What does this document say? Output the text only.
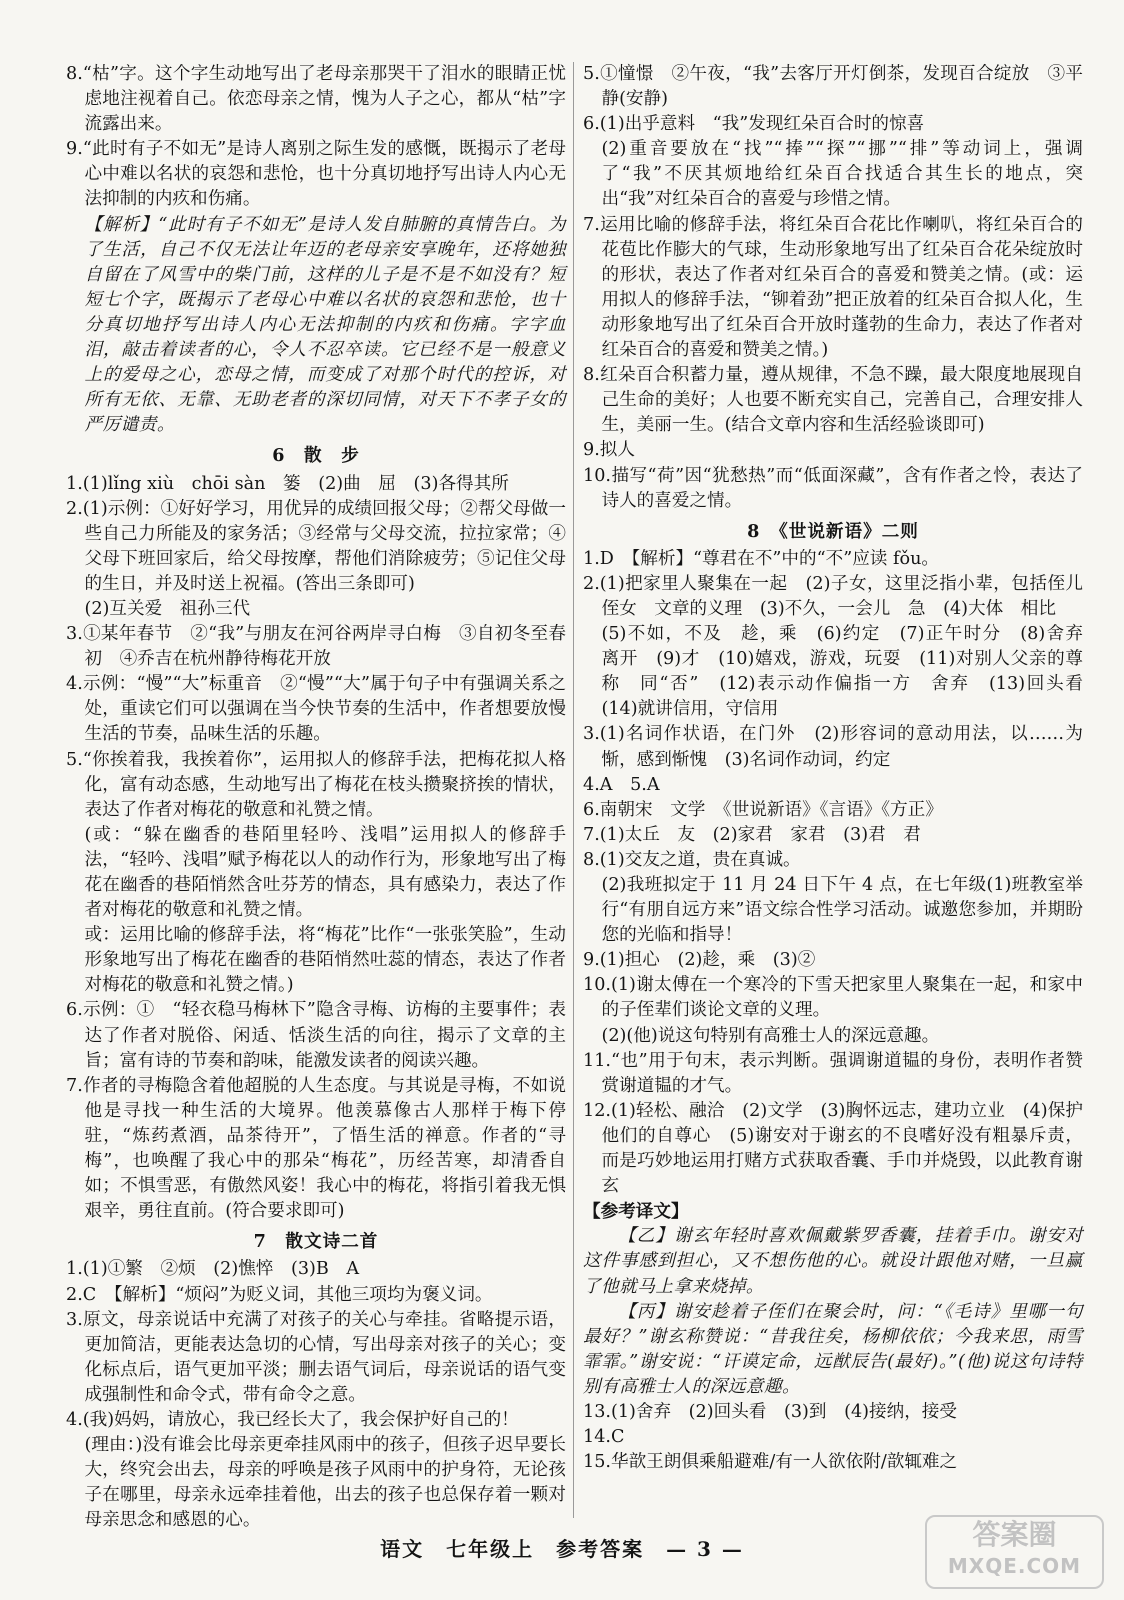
8.“枯”字。这个字生动地写出了老母亲那哭干了泪水的眼睛正忧虑地注视着自己。依恋母亲之情，愧为人子之心，都从“枯”字流露出来。

9.“此时有子不如无”是诗人离别之际生发的感慨，既揭示了老母心中难以名状的哀怨和悲怆，也十分真切地抒写出诗人内心无法抑制的内疚和伤痛。

【解析】“此时有子不如无”是诗人发自肺腑的真情告白。为了生活，自己不仅无法让年迈的老母亲安享晚年，还将她独自留在了风雪中的柴门前，这样的儿子是不是不如没有？短短七个字，既揭示了老母心中难以名状的哀怨和悲怆，也十分真切地抒写出诗人内心无法抑制的内疚和伤痛。字字血泪，敲击着读者的心，令人不忍卒读。它已经不是一般意义上的爱母之心，恋母之情，而变成了对那个时代的控诉，对所有无依、无靠、无助老者的深切同情，对天下不孝子女的严厉谴责。

6　散　步

1.(1)lǐng xiù　chōi sàn　篓　(2)曲　屈　(3)各得其所

2.(1)示例：①好好学习，用优异的成绩回报父母；②帮父母做一些自己力所能及的家务活；③经常与父母交流，拉拉家常；④父母下班回家后，给父母按摩，帮他们消除疲劳；⑤记住父母的生日，并及时送上祝福。(答出三条即可)

(2)互关爱　祖孙三代

3.①某年春节　②“我”与朋友在河谷两岸寻白梅　③自初冬至春初　④乔吉在杭州静待梅花开放

4.示例：“慢”“大”标重音　②“慢”“大”属于句子中有强调关系之处，重读它们可以强调在当今快节奏的生活中，作者想要放慢生活的节奏，品味生活的乐趣。

5.“你挨着我，我挨着你”，运用拟人的修辞手法，把梅花拟人格化，富有动态感，生动地写出了梅花在枝头攒聚挤挨的情状，表达了作者对梅花的敬意和礼赞之情。

(或：“躲在幽香的巷陌里轻吟、浅唱”运用拟人的修辞手法，“轻吟、浅唱”赋予梅花以人的动作行为，形象地写出了梅花在幽香的巷陌悄然含吐芬芳的情态，具有感染力，表达了作者对梅花的敬意和礼赞之情。

或：运用比喻的修辞手法，将“梅花”比作“一张张笑脸”，生动形象地写出了梅花在幽香的巷陌悄然吐蕊的情态，表达了作者对梅花的敬意和礼赞之情。)

6.示例：①　“轻衣稳马梅林下”隐含寻梅、访梅的主要事件；表达了作者对脱俗、闲适、恬淡生活的向往，揭示了文章的主旨；富有诗的节奏和韵味，能激发读者的阅读兴趣。

7.作者的寻梅隐含着他超脱的人生态度。与其说是寻梅，不如说他是寻找一种生活的大境界。他羡慕像古人那样于梅下停驻，“炼药煮酒，品茶待开”，了悟生活的禅意。作者的“寻梅”，也唤醒了我心中的那朵“梅花”，历经苦寒，却清香自如；不惧雪恶，有傲然风姿！我心中的梅花，将指引着我无惧艰辛，勇往直前。(符合要求即可)

7　散文诗二首

1.(1)①繁　②烦　(2)憔悴　(3)B　A

2.C　【解析】“烦闷”为贬义词，其他三项均为褒义词。

3.原文，母亲说话中充满了对孩子的关心与牵挂。省略提示语，更加简洁，更能表达急切的心情，写出母亲对孩子的关心；变化标点后，语气更加平淡；删去语气词后，母亲说话的语气变成强制性和命令式，带有命令之意。

4.(我)妈妈，请放心，我已经长大了，我会保护好自己的！

(理由：)没有谁会比母亲更牵挂风雨中的孩子，但孩子迟早要长大，终究会出去，母亲的呼唤是孩子风雨中的护身符，无论孩子在哪里，母亲永远牵挂着他，出去的孩子也总保存着一颗对母亲思念和感恩的心。

5.①憧憬　②午夜，“我”去客厅开灯倒茶，发现百合绽放　③平静(安静)

6.(1)出乎意料　“我”发现红朵百合时的惊喜

(2)重音要放在“找”“捧”“探”“挪”“排”等动词上，强调了“我”不厌其烦地给红朵百合找适合其生长的地点，突出“我”对红朵百合的喜爱与珍惜之情。

7.运用比喻的修辞手法，将红朵百合花比作喇叭，将红朵百合的花苞比作膨大的气球，生动形象地写出了红朵百合花朵绽放时的形状，表达了作者对红朵百合的喜爱和赞美之情。(或：运用拟人的修辞手法，“铆着劲”把正放着的红朵百合拟人化，生动形象地写出了红朵百合开放时蓬勃的生命力，表达了作者对红朵百合的喜爱和赞美之情。)

8.红朵百合积蓄力量，遵从规律，不急不躁，最大限度地展现自己生命的美好；人也要不断充实自己，完善自己，合理安排人生，美丽一生。(结合文章内容和生活经验谈即可)

9.拟人

10.描写“荷”因“犹愁热”而“低面深藏”，含有作者之怜，表达了诗人的喜爱之情。

8　《世说新语》二则

1.D　【解析】“尊君在不”中的“不”应读 fǒu。

2.(1)把家里人聚集在一起　(2)子女，这里泛指小辈，包括侄儿侄女　文章的义理　(3)不久，一会儿　急　(4)大体　相比

(5)不如，不及　趁，乘　(6)约定　(7)正午时分　(8)舍弃　离开　(9)才　(10)嬉戏，游戏，玩耍　(11)对别人父亲的尊称　同“否”　(12)表示动作偏指一方　舍弃　(13)回头看　(14)就讲信用，守信用

3.(1)名词作状语，在门外　(2)形容词的意动用法，以……为惭，感到惭愧　(3)名词作动词，约定

4.A　5.A

6.南朝宋　文学　《世说新语》《言语》《方正》

7.(1)太丘　友　(2)家君　家君　(3)君　君

8.(1)交友之道，贵在真诚。

(2)我班拟定于 11 月 24 日下午 4 点，在七年级(1)班教室举行“有朋自远方来”语文综合性学习活动。诚邀您参加，并期盼您的光临和指导！

9.(1)担心　(2)趁，乘　(3)②

10.(1)谢太傅在一个寒冷的下雪天把家里人聚集在一起，和家中的子侄辈们谈论文章的义理。

(2)(他)说这句特别有高雅士人的深远意趣。

11.“也”用于句末，表示判断。强调谢道韫的身份，表明作者赞赏谢道韫的才气。

12.(1)轻松、融洽　(2)文学　(3)胸怀远志，建功立业　(4)保护他们的自尊心　(5)谢安对于谢玄的不良嗜好没有粗暴斥责，而是巧妙地运用打赌方式获取香囊、手巾并烧毁，以此教育谢玄

【参考译文】

【乙】谢玄年轻时喜欢佩戴紫罗香囊，挂着手巾。谢安对这件事感到担心，又不想伤他的心。就设计跟他对赌，一旦赢了他就马上拿来烧掉。

【丙】谢安趁着子侄们在聚会时，问：“《毛诗》里哪一句最好？”谢玄称赞说：“昔我往矣，杨柳依依；今我来思，雨雪霏霏。”谢安说：“讦谟定命，远猷辰告(最好)。”(他)说这句诗特别有高雅士人的深远意趣。

13.(1)舍弃　(2)回头看　(3)到　(4)接纳，接受

14.C

15.华歆王朗俱乘船避难/有一人欲依附/歆辄难之

语文　七年级上　参考答案　— 3 —	答案圈
MXQE.COM
